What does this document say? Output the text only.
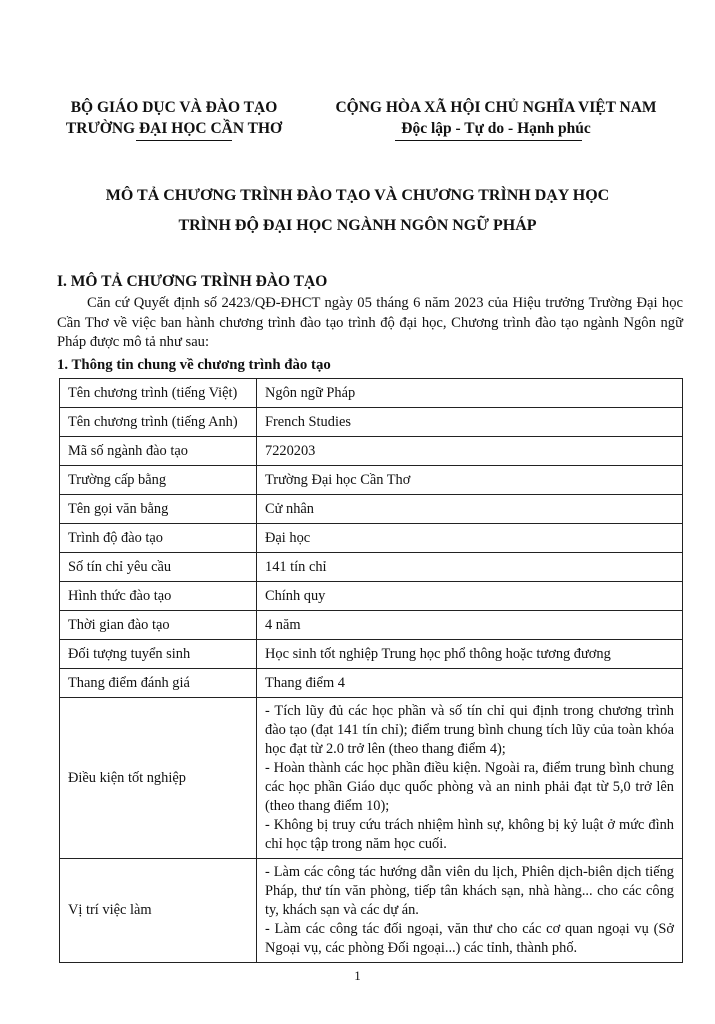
BỘ GIÁO DỤC VÀ ĐÀO TẠO
TRƯỜNG ĐẠI HỌC CẦN THƠ
CỘNG HÒA XÃ HỘI CHỦ NGHĨA VIỆT NAM
Độc lập - Tự do - Hạnh phúc
MÔ TẢ CHƯƠNG TRÌNH ĐÀO TẠO VÀ CHƯƠNG TRÌNH DẠY HỌC
TRÌNH ĐỘ ĐẠI HỌC NGÀNH NGÔN NGỮ PHÁP
I. MÔ TẢ CHƯƠNG TRÌNH ĐÀO TẠO
Căn cứ Quyết định số 2423/QĐ-ĐHCT ngày 05 tháng 6 năm 2023 của Hiệu trưởng Trường Đại học Cần Thơ về việc ban hành chương trình đào tạo trình độ đại học, Chương trình đào tạo ngành Ngôn ngữ Pháp được mô tả như sau:
1. Thông tin chung về chương trình đào tạo
Tên chương trình (tiếng Việt)	Ngôn ngữ Pháp
Tên chương trình (tiếng Anh)	French Studies
Mã số ngành đào tạo	7220203
Trường cấp bằng	Trường Đại học Cần Thơ
Tên gọi văn bằng	Cử nhân
Trình độ đào tạo	Đại học
Số tín chỉ yêu cầu	141 tín chỉ
Hình thức đào tạo	Chính quy
Thời gian đào tạo	4 năm
Đối tượng tuyển sinh	Học sinh tốt nghiệp Trung học phổ thông hoặc tương đương
Thang điểm đánh giá	Thang điểm 4
Điều kiện tốt nghiệp	- Tích lũy đủ các học phần và số tín chỉ qui định trong chương trình đào tạo (đạt 141 tín chỉ); điểm trung bình chung tích lũy của toàn khóa học đạt từ 2.0 trở lên (theo thang điểm 4);

- Hoàn thành các học phần điều kiện. Ngoài ra, điểm trung bình chung các học phần Giáo dục quốc phòng và an ninh phải đạt từ 5,0 trở lên (theo thang điểm 10);

- Không bị truy cứu trách nhiệm hình sự, không bị kỷ luật ở mức đình chỉ học tập trong năm học cuối.

Vị trí việc làm	- Làm các công tác hướng dẫn viên du lịch, Phiên dịch-biên dịch tiếng Pháp, thư tín văn phòng, tiếp tân khách sạn, nhà hàng... cho các công ty, khách sạn và các dự án.

- Làm các công tác đối ngoại, văn thư cho các cơ quan ngoại vụ (Sở Ngoại vụ, các phòng Đối ngoại...) các tỉnh, thành phố.

1
